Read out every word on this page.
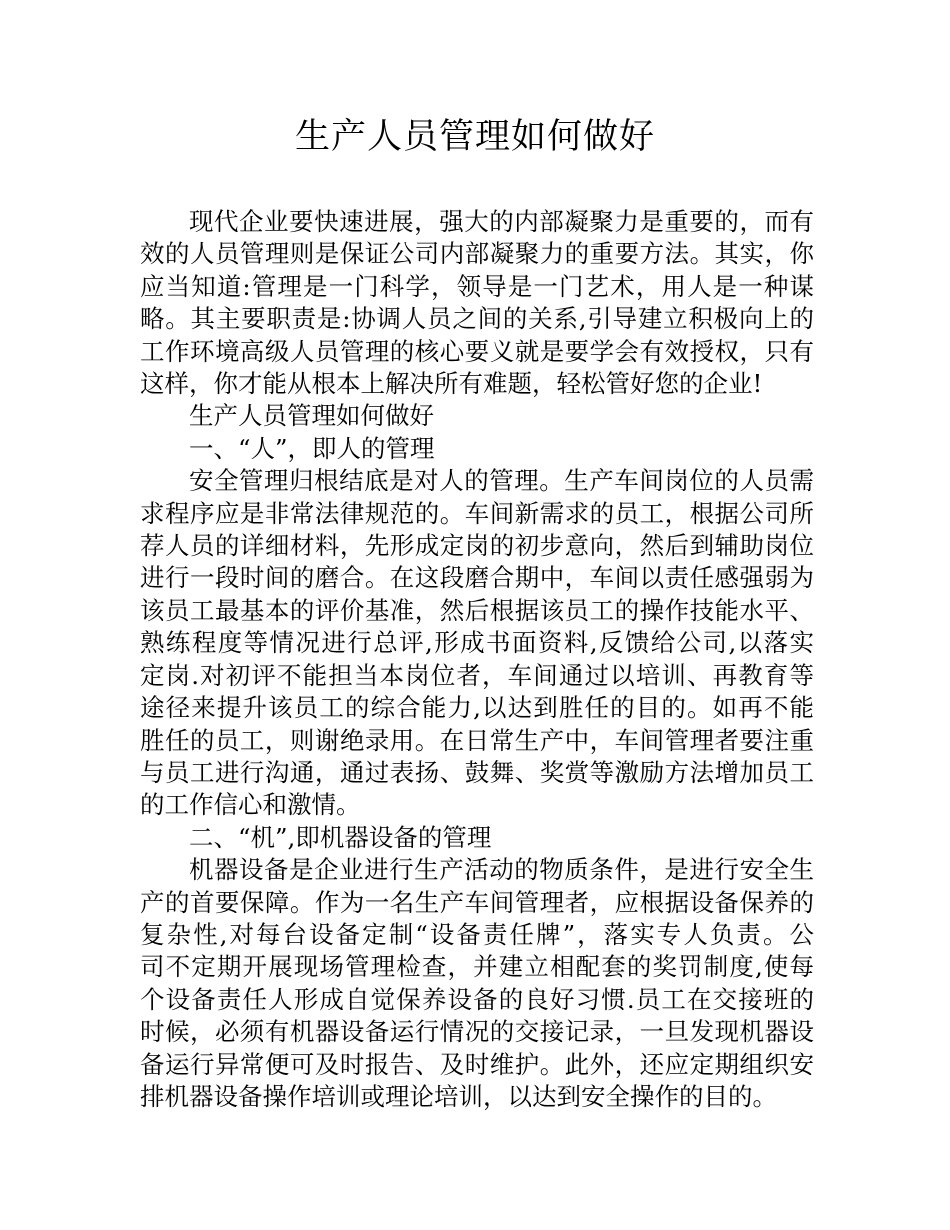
生产人员管理如何做好
现代企业要快速进展，强大的内部凝聚力是重要的，而有
效的人员管理则是保证公司内部凝聚力的重要方法。其实，你
应当知道:管理是一门科学，领导是一门艺术，用人是一种谋
略。其主要职责是:协调人员之间的关系,引导建立积极向上的
工作环境高级人员管理的核心要义就是要学会有效授权，只有
这样，你才能从根本上解决所有难题，轻松管好您的企业!

生产人员管理如何做好

一、“人”，即人的管理

安全管理归根结底是对人的管理。生产车间岗位的人员需
求程序应是非常法律规范的。车间新需求的员工，根据公司所
荐人员的详细材料，先形成定岗的初步意向，然后到辅助岗位
进行一段时间的磨合。在这段磨合期中，车间以责任感强弱为
该员工最基本的评价基准，然后根据该员工的操作技能水平、
熟练程度等情况进行总评,形成书面资料,反馈给公司,以落实
定岗.对初评不能担当本岗位者，车间通过以培训、再教育等
途径来提升该员工的综合能力,以达到胜任的目的。如再不能
胜任的员工，则谢绝录用。在日常生产中，车间管理者要注重
与员工进行沟通，通过表扬、鼓舞、奖赏等激励方法增加员工
的工作信心和激情。

二、“机”,即机器设备的管理

机器设备是企业进行生产活动的物质条件，是进行安全生
产的首要保障。作为一名生产车间管理者，应根据设备保养的
复杂性,对每台设备定制“设备责任牌”，落实专人负责。公
司不定期开展现场管理检查，并建立相配套的奖罚制度,使每
个设备责任人形成自觉保养设备的良好习惯.员工在交接班的
时候，必须有机器设备运行情况的交接记录，一旦发现机器设
备运行异常便可及时报告、及时维护。此外，还应定期组织安
排机器设备操作培训或理论培训，以达到安全操作的目的。
